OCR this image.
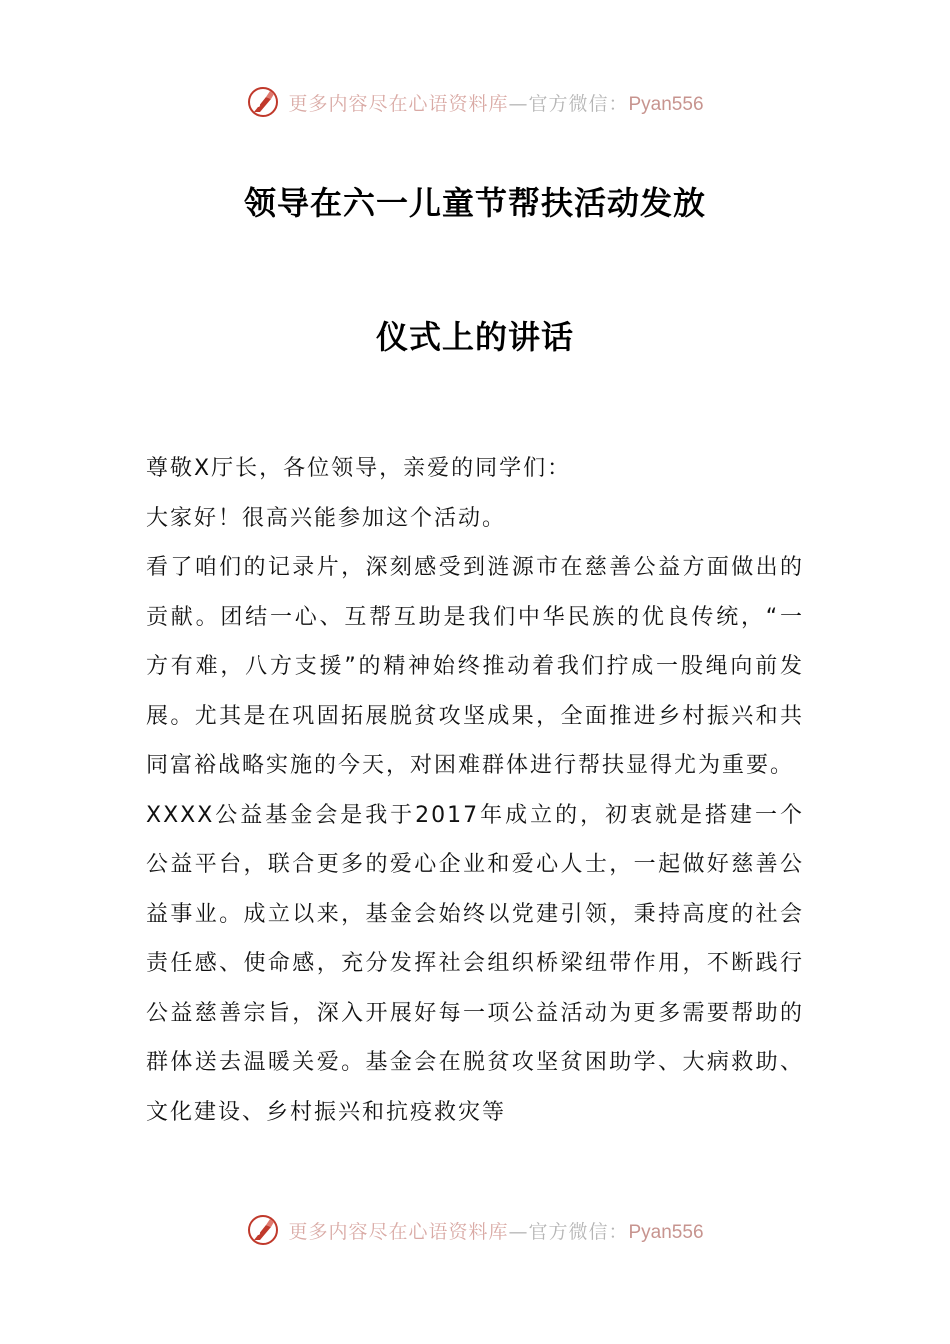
更多内容尽在心语资料库—官方微信：Pyan556
领导在六一儿童节帮扶活动发放
仪式上的讲话

尊敬X厅长，各位领导，亲爱的同学们：

大家好！很高兴能参加这个活动。

看了咱们的记录片，深刻感受到涟源市在慈善公益方面做出的贡献。团结一心、互帮互助是我们中华民族的优良传统，“一方有难，八方支援”的精神始终推动着我们拧成一股绳向前发展。尤其是在巩固拓展脱贫攻坚成果，全面推进乡村振兴和共同富裕战略实施的今天，对困难群体进行帮扶显得尤为重要。

XXXX公益基金会是我于2017年成立的，初衷就是搭建一个公益平台，联合更多的爱心企业和爱心人士，一起做好慈善公益事业。成立以来，基金会始终以党建引领，秉持高度的社会责任感、使命感，充分发挥社会组织桥梁纽带作用，不断践行公益慈善宗旨，深入开展好每一项公益活动为更多需要帮助的群体送去温暖关爱。基金会在脱贫攻坚贫困助学、大病救助、文化建设、乡村振兴和抗疫救灾等

更多内容尽在心语资料库—官方微信：Pyan556
